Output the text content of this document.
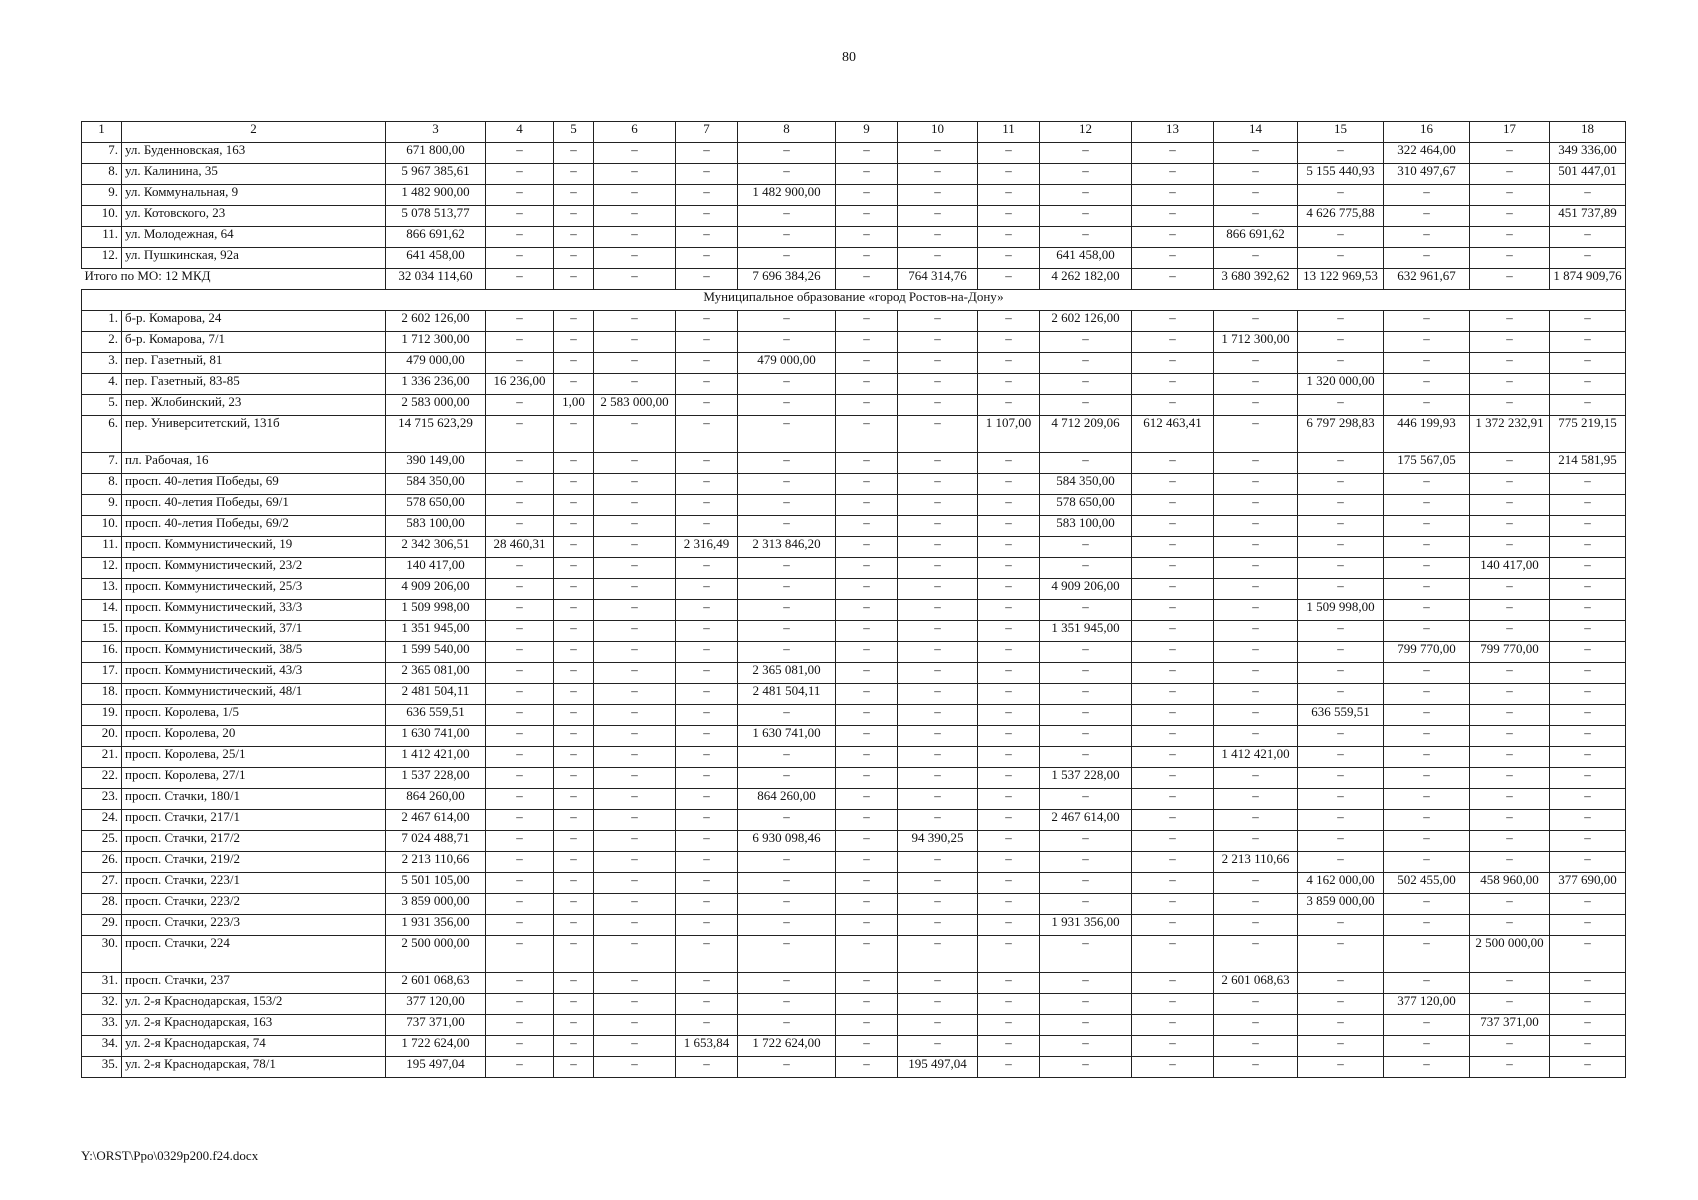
80
1	2	3	4	5	6	7	8	9	10	11	12	13	14	15	16	17	18
7.	ул. Буденновская, 163	671 800,00	–	–	–	–	–	–	–	–	–	–	–	–	322 464,00	–	349 336,00
8.	ул. Калинина, 35	5 967 385,61	–	–	–	–	–	–	–	–	–	–	–	5 155 440,93	310 497,67	–	501 447,01
9.	ул. Коммунальная, 9	1 482 900,00	–	–	–	–	1 482 900,00	–	–	–	–	–	–	–	–	–	–
10.	ул. Котовского, 23	5 078 513,77	–	–	–	–	–	–	–	–	–	–	–	4 626 775,88	–	–	451 737,89
11.	ул. Молодежная, 64	866 691,62	–	–	–	–	–	–	–	–	–	–	866 691,62	–	–	–	–
12.	ул. Пушкинская, 92а	641 458,00	–	–	–	–	–	–	–	–	641 458,00	–	–	–	–	–	–
Итого по МО: 12 МКД		32 034 114,60	–	–	–	–	7 696 384,26	–	764 314,76	–	4 262 182,00	–	3 680 392,62	13 122 969,53	632 961,67	–	1 874 909,76
Муниципальное образование «город Ростов-на-Дону»																	
1.	б-р. Комарова, 24	2 602 126,00	–	–	–	–	–	–	–	–	2 602 126,00	–	–	–	–	–	–
2.	б-р. Комарова, 7/1	1 712 300,00	–	–	–	–	–	–	–	–	–	–	1 712 300,00	–	–	–	–
3.	пер. Газетный, 81	479 000,00	–	–	–	–	479 000,00	–	–	–	–	–	–	–	–	–	–
4.	пер. Газетный, 83-85	1 336 236,00	16 236,00	–	–	–	–	–	–	–	–	–	–	1 320 000,00	–	–	–
5.	пер. Жлобинский, 23	2 583 000,00	–	1,00	2 583 000,00	–	–	–	–	–	–	–	–	–	–	–	–
6.	пер. Университетский, 131б	14 715 623,29	–	–	–	–	–	–	–	1 107,00	4 712 209,06	612 463,41	–	6 797 298,83	446 199,93	1 372 232,91	775 219,15
7.	пл. Рабочая, 16	390 149,00	–	–	–	–	–	–	–	–	–	–	–	–	175 567,05	–	214 581,95
8.	просп. 40-летия Победы, 69	584 350,00	–	–	–	–	–	–	–	–	584 350,00	–	–	–	–	–	–
9.	просп. 40-летия Победы, 69/1	578 650,00	–	–	–	–	–	–	–	–	578 650,00	–	–	–	–	–	–
10.	просп. 40-летия Победы, 69/2	583 100,00	–	–	–	–	–	–	–	–	583 100,00	–	–	–	–	–	–
11.	просп. Коммунистический, 19	2 342 306,51	28 460,31	–	–	2 316,49	2 313 846,20	–	–	–	–	–	–	–	–	–	–
12.	просп. Коммунистический, 23/2	140 417,00	–	–	–	–	–	–	–	–	–	–	–	–	–	140 417,00	–
13.	просп. Коммунистический, 25/3	4 909 206,00	–	–	–	–	–	–	–	–	4 909 206,00	–	–	–	–	–	–
14.	просп. Коммунистический, 33/3	1 509 998,00	–	–	–	–	–	–	–	–	–	–	–	1 509 998,00	–	–	–
15.	просп. Коммунистический, 37/1	1 351 945,00	–	–	–	–	–	–	–	–	1 351 945,00	–	–	–	–	–	–
16.	просп. Коммунистический, 38/5	1 599 540,00	–	–	–	–	–	–	–	–	–	–	–	–	799 770,00	799 770,00	–
17.	просп. Коммунистический, 43/3	2 365 081,00	–	–	–	–	2 365 081,00	–	–	–	–	–	–	–	–	–	–
18.	просп. Коммунистический, 48/1	2 481 504,11	–	–	–	–	2 481 504,11	–	–	–	–	–	–	–	–	–	–
19.	просп. Королева, 1/5	636 559,51	–	–	–	–	–	–	–	–	–	–	–	636 559,51	–	–	–
20.	просп. Королева, 20	1 630 741,00	–	–	–	–	1 630 741,00	–	–	–	–	–	–	–	–	–	–
21.	просп. Королева, 25/1	1 412 421,00	–	–	–	–	–	–	–	–	–	–	1 412 421,00	–	–	–	–
22.	просп. Королева, 27/1	1 537 228,00	–	–	–	–	–	–	–	–	1 537 228,00	–	–	–	–	–	–
23.	просп. Стачки, 180/1	864 260,00	–	–	–	–	864 260,00	–	–	–	–	–	–	–	–	–	–
24.	просп. Стачки, 217/1	2 467 614,00	–	–	–	–	–	–	–	–	2 467 614,00	–	–	–	–	–	–
25.	просп. Стачки, 217/2	7 024 488,71	–	–	–	–	6 930 098,46	–	94 390,25	–	–	–	–	–	–	–	–
26.	просп. Стачки, 219/2	2 213 110,66	–	–	–	–	–	–	–	–	–	–	2 213 110,66	–	–	–	–
27.	просп. Стачки, 223/1	5 501 105,00	–	–	–	–	–	–	–	–	–	–	–	4 162 000,00	502 455,00	458 960,00	377 690,00
28.	просп. Стачки, 223/2	3 859 000,00	–	–	–	–	–	–	–	–	–	–	–	3 859 000,00	–	–	–
29.	просп. Стачки, 223/3	1 931 356,00	–	–	–	–	–	–	–	–	1 931 356,00	–	–	–	–	–	–
30.	просп. Стачки, 224	2 500 000,00	–	–	–	–	–	–	–	–	–	–	–	–	–	2 500 000,00	–
31.	просп. Стачки, 237	2 601 068,63	–	–	–	–	–	–	–	–	–	–	2 601 068,63	–	–	–	–
32.	ул. 2-я Краснодарская, 153/2	377 120,00	–	–	–	–	–	–	–	–	–	–	–	–	377 120,00	–	–
33.	ул. 2-я Краснодарская, 163	737 371,00	–	–	–	–	–	–	–	–	–	–	–	–	–	737 371,00	–
34.	ул. 2-я Краснодарская, 74	1 722 624,00	–	–	–	1 653,84	1 722 624,00	–	–	–	–	–	–	–	–	–	–
35.	ул. 2-я Краснодарская, 78/1	195 497,04	–	–	–	–	–	–	195 497,04	–	–	–	–	–	–	–	–
Y:\ORST\Ppo\0329p200.f24.docx
